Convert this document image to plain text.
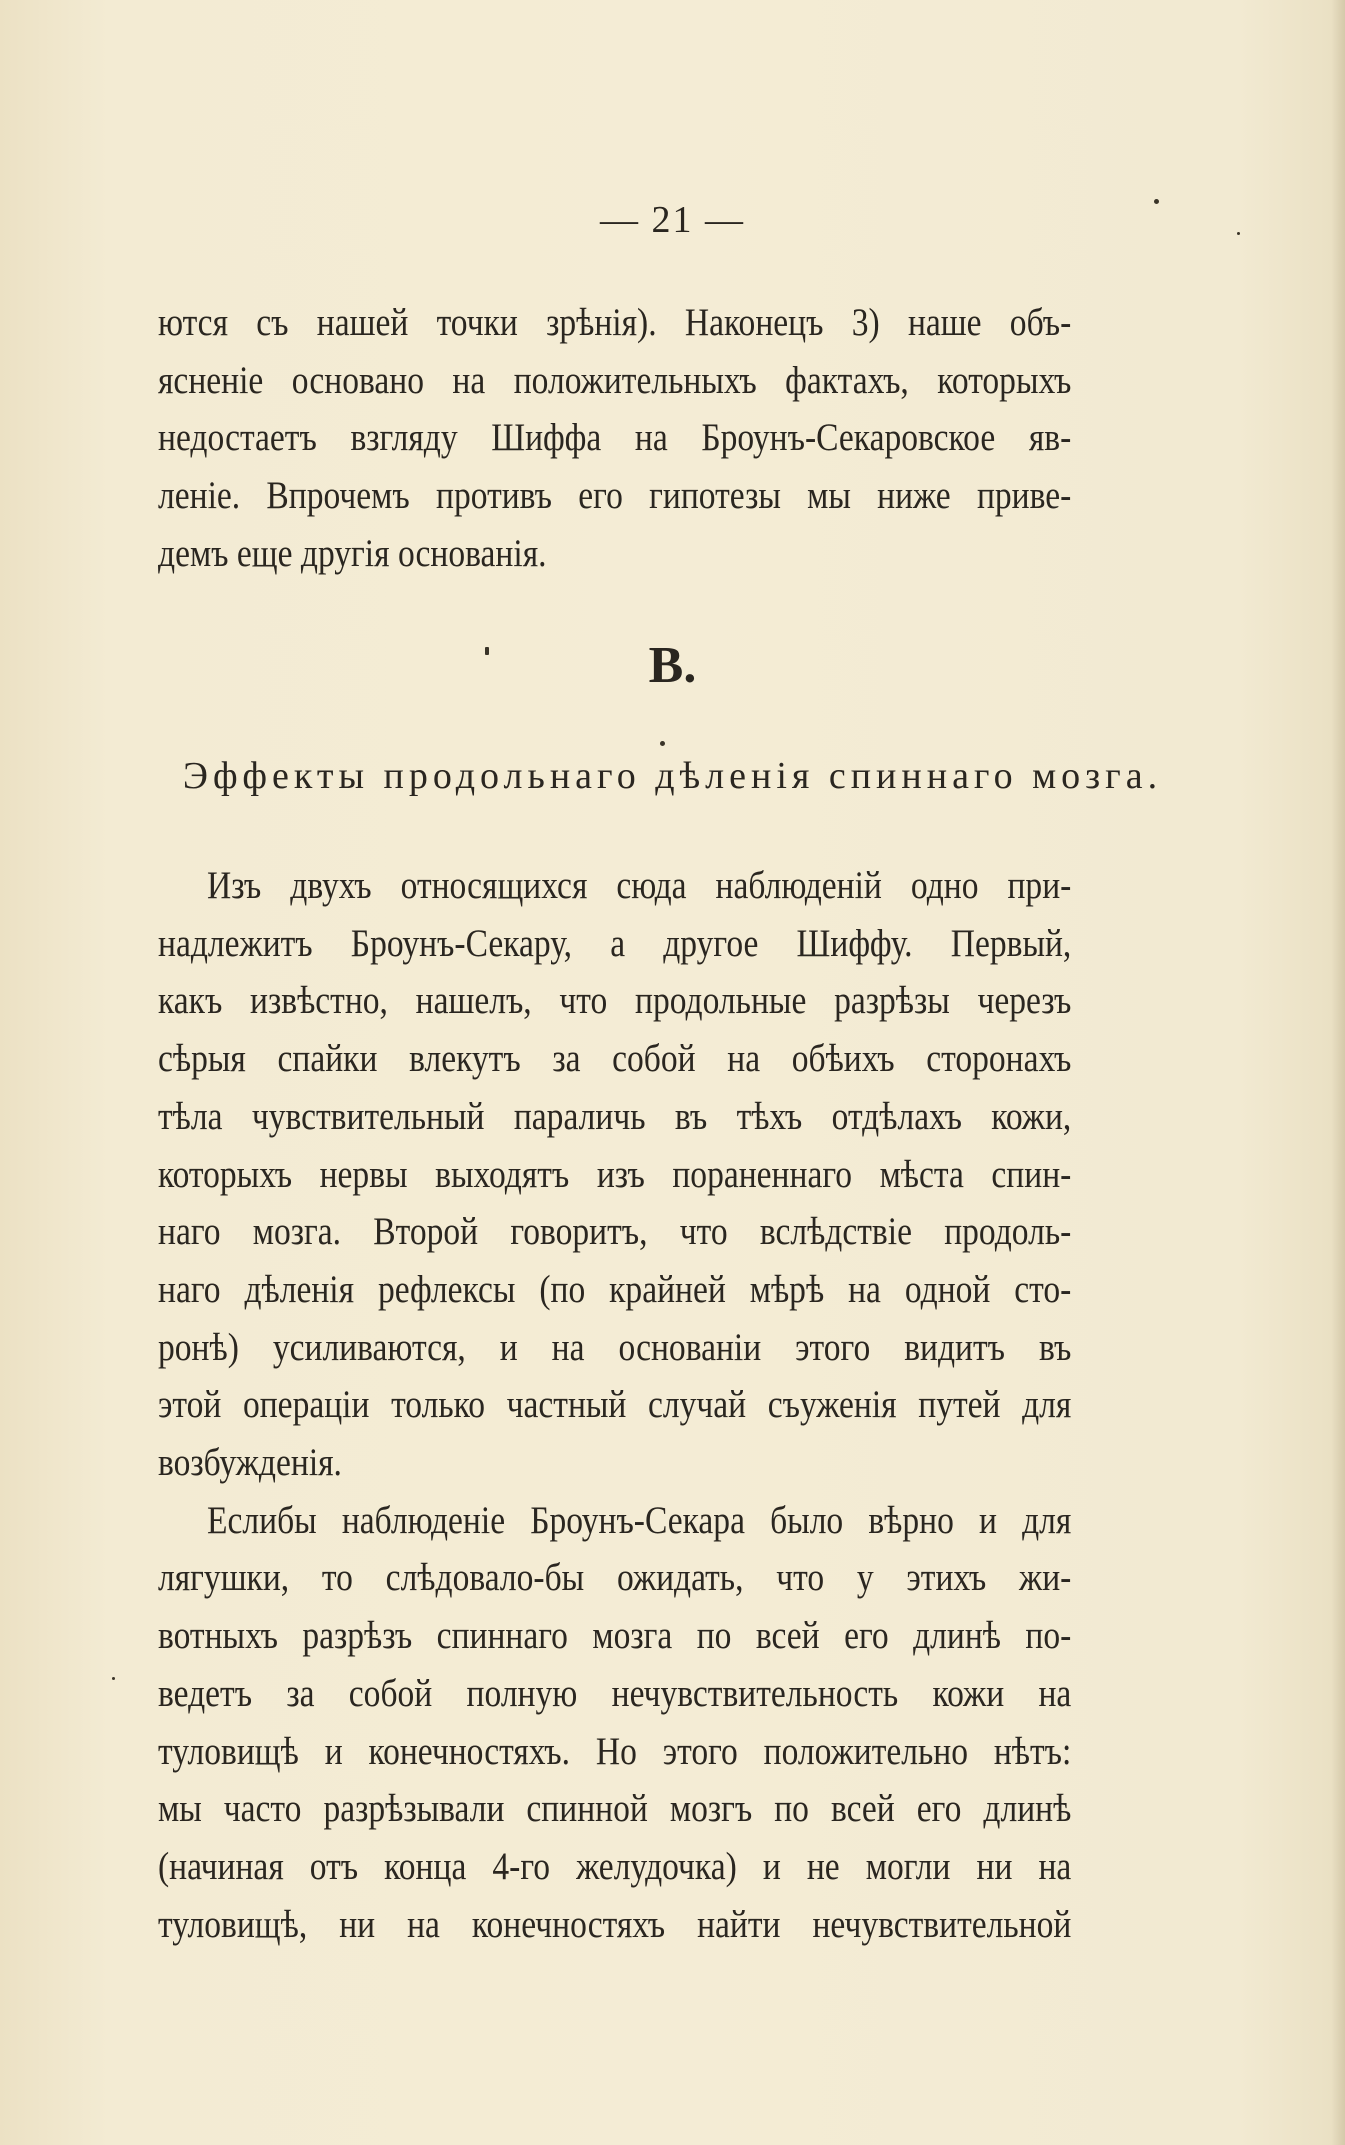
— 21 —

ются съ нашей точки зрѣнія). Наконецъ 3) наше объ-

ясненіе основано на положительныхъ фактахъ, которыхъ

недостаетъ взгляду Шиффа на Броунъ-Секаровское яв-

леніе. Впрочемъ противъ его гипотезы мы ниже приве-

демъ еще другія основанія.

В.
Эффекты продольнаго дѣленія спиннаго мозга.

Изъ двухъ относящихся сюда наблюденій одно при-

надлежитъ Броунъ-Секару, а другое Шиффу. Первый,

какъ извѣстно, нашелъ, что продольные разрѣзы черезъ

сѣрыя спайки влекутъ за собой на обѣихъ сторонахъ

тѣла чувствительный параличь въ тѣхъ отдѣлахъ кожи,

которыхъ нервы выходятъ изъ пораненнаго мѣста спин-

наго мозга. Второй говоритъ, что вслѣдствіе продоль-

наго дѣленія рефлексы (по крайней мѣрѣ на одной сто-

ронѣ) усиливаются, и на основаніи этого видитъ въ

этой операціи только частный случай съуженія путей для

возбужденія.

Еслибы наблюденіе Броунъ-Секара было вѣрно и для

лягушки, то слѣдовало-бы ожидать, что у этихъ жи-

вотныхъ разрѣзъ спиннаго мозга по всей его длинѣ по-

ведетъ за собой полную нечувствительность кожи на

туловищѣ и конечностяхъ. Но этого положительно нѣтъ:

мы часто разрѣзывали спинной мозгъ по всей его длинѣ

(начиная отъ конца 4-го желудочка) и не могли ни на

туловищѣ, ни на конечностяхъ найти нечувствительной
